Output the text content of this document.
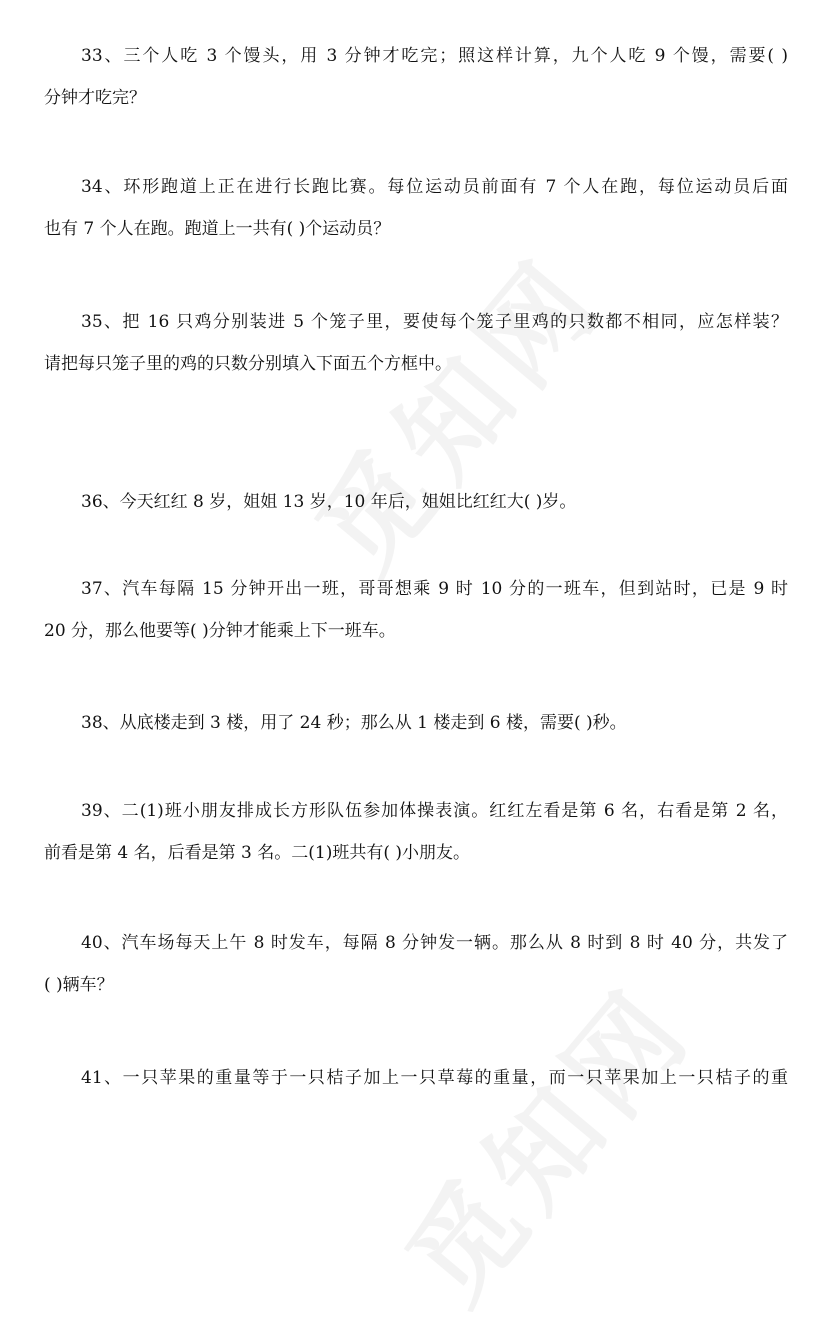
33、三个人吃 3 个馒头，用 3 分钟才吃完；照这样计算，九个人吃 9 个馒，需要( )
分钟才吃完？
34、环形跑道上正在进行长跑比赛。每位运动员前面有 7 个人在跑，每位运动员后面
也有 7 个人在跑。跑道上一共有( )个运动员？
35、把 16 只鸡分别装进 5 个笼子里，要使每个笼子里鸡的只数都不相同，应怎样装？
请把每只笼子里的鸡的只数分别填入下面五个方框中。
36、今天红红 8 岁，姐姐 13 岁，10 年后，姐姐比红红大( )岁。
37、汽车每隔 15 分钟开出一班，哥哥想乘 9 时 10 分的一班车，但到站时，已是 9 时
20 分，那么他要等( )分钟才能乘上下一班车。
38、从底楼走到 3 楼，用了 24 秒；那么从 1 楼走到 6 楼，需要( )秒。
39、二(1)班小朋友排成长方形队伍参加体操表演。红红左看是第 6 名，右看是第 2 名，
前看是第 4 名，后看是第 3 名。二(1)班共有( )小朋友。
40、汽车场每天上午 8 时发车，每隔 8 分钟发一辆。那么从 8 时到 8 时 40 分，共发了
( )辆车？
41、一只苹果的重量等于一只桔子加上一只草莓的重量，而一只苹果加上一只桔子的重
